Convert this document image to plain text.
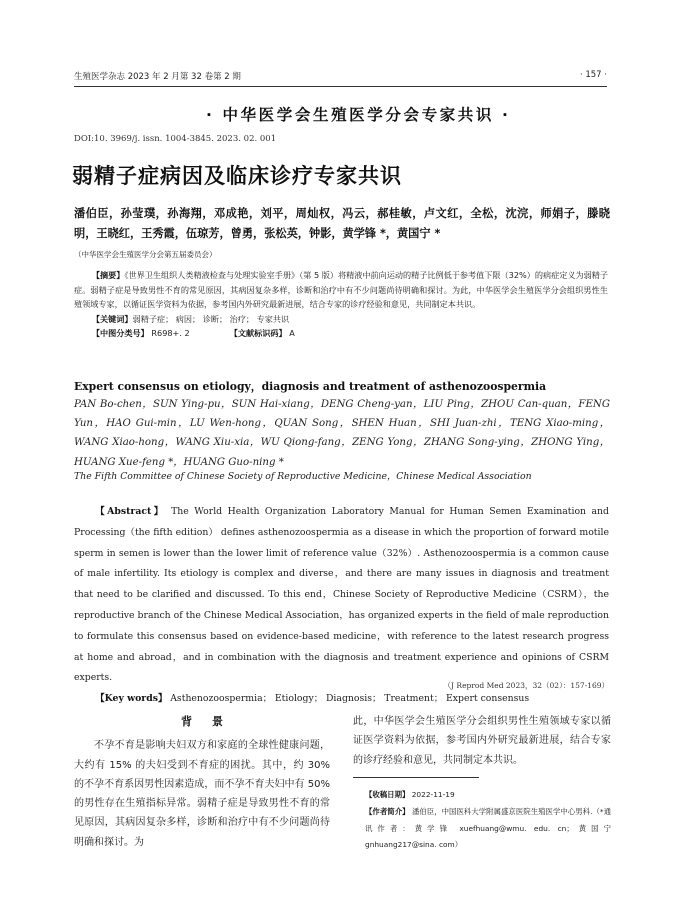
生殖医学杂志 2023 年 2 月第 32 卷第 2 期	· 157 ·
· 中华医学会生殖医学分会专家共识 ·
DOI:10. 3969/j. issn. 1004-3845. 2023. 02. 001
弱精子症病因及临床诊疗专家共识
潘伯臣，孙莹璞，孙海翔，邓成艳，刘平，周灿权，冯云，郝桂敏，卢文红，全松，沈浣，师娟子，滕晓明，王晓红，王秀霞，伍琼芳，曾勇，张松英，钟影，黄学锋 *，黄国宁 *
（中华医学会生殖医学分会第五届委员会）

【摘要】《世界卫生组织人类精液检查与处理实验室手册》（第 5 版）将精液中前向运动的精子比例低于参考值下限（32%）的病症定义为弱精子症。弱精子症是导致男性不育的常见原因，其病因复杂多样，诊断和治疗中有不少问题尚待明确和探讨。为此，中华医学会生殖医学分会组织男性生殖领域专家，以循证医学资料为依据，参考国内外研究最新进展，结合专家的诊疗经验和意见，共同制定本共识。

【关键词】弱精子症； 病因； 诊断； 治疗； 专家共识
【中图分类号】 R698+. 2	【文献标识码】 A
Expert consensus on etiology，diagnosis and treatment of asthenozoospermia
PAN Bo-chen，SUN Ying-pu，SUN Hai-xiang，DENG Cheng-yan，LIU Ping，ZHOU Can-quan，FENG Yun，HAO Gui-min，LU Wen-hong，QUAN Song，SHEN Huan，SHI Juan-zhi，TENG Xiao-ming，WANG Xiao-hong，WANG Xiu-xia，WU Qiong-fang，ZENG Yong，ZHANG Song-ying，ZHONG Ying，HUANG Xue-feng *，HUANG Guo-ning *
The Fifth Committee of Chinese Society of Reproductive Medicine，Chinese Medical Association

【Abstract】 The World Health Organization Laboratory Manual for Human Semen Examination and Processing（the fifth edition） defines asthenozoospermia as a disease in which the proportion of forward motile sperm in semen is lower than the lower limit of reference value（32%）. Asthenozoospermia is a common cause of male infertility. Its etiology is complex and diverse，and there are many issues in diagnosis and treatment that need to be clarified and discussed. To this end，Chinese Society of Reproductive Medicine（CSRM），the reproductive branch of the Chinese Medical Association，has organized experts in the field of male reproduction to formulate this consensus based on evidence-based medicine，with reference to the latest research progress at home and abroad，and in combination with the diagnosis and treatment experience and opinions of CSRM experts.

【Key words】 Asthenozoospermia； Etiology； Diagnosis； Treatment； Expert consensus
（J Reprod Med 2023，32（02）：157-169）
背景

不孕不育是影响夫妇双方和家庭的全球性健康问题，大约有 15% 的夫妇受到不育症的困扰。其中，约 30% 的不孕不育系因男性因素造成，而不孕不育夫妇中有 50% 的男性存在生殖指标异常。弱精子症是导致男性不育的常见原因，其病因复杂多样，诊断和治疗中有不少问题尚待明确和探讨。为

此，中华医学会生殖医学分会组织男性生殖领域专家以循证医学资料为依据，参考国内外研究最新进展，结合专家的诊疗经验和意见，共同制定本共识。

【收稿日期】 2022-11-19

【作者简介】 潘伯臣，中国医科大学附属盛京医院生殖医学中心男科.（*通讯作者：黄学锋 xuefhuang@wmu. edu. cn；黄国宁 gnhuang217@sina. com）
